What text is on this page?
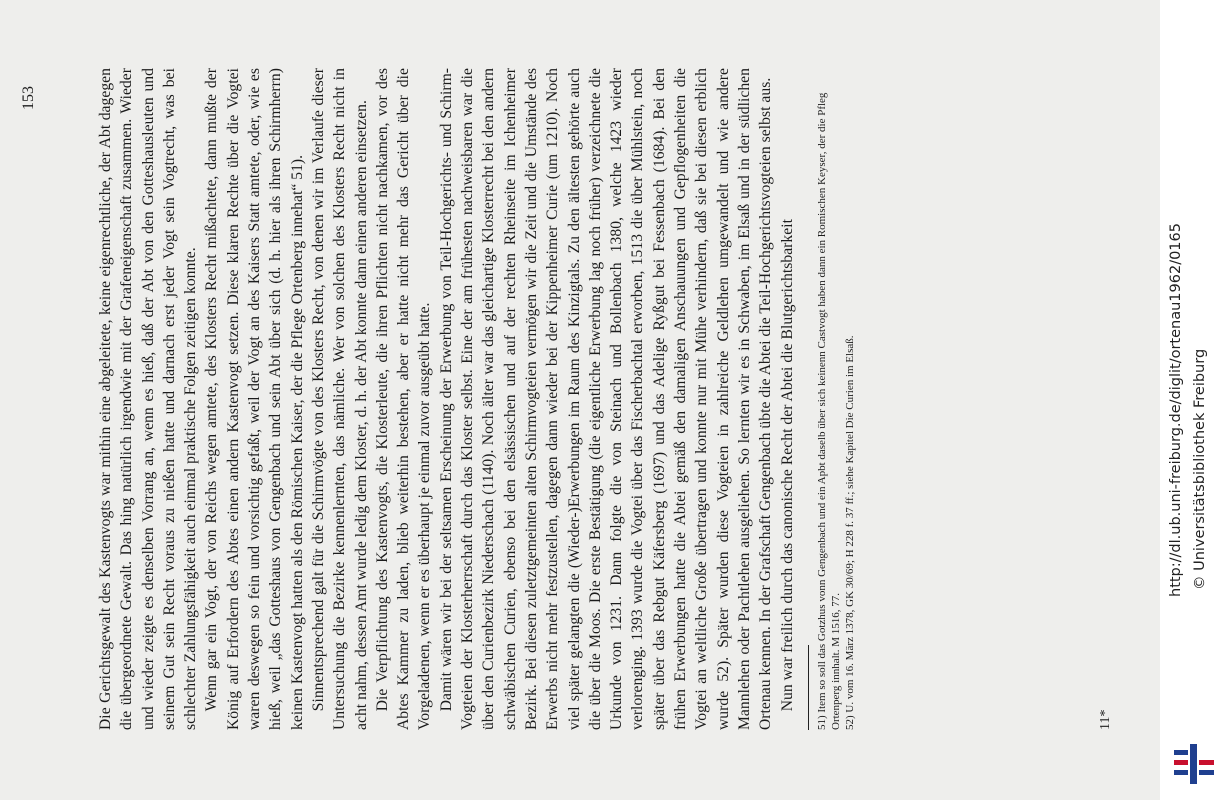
153	Die Gerichtsgewalt des Kastenvogts war mithin eine abgeleitete, keine eigenrechtliche, der Abt dagegen die übergeordnete Gewalt. Das hing natürlich irgendwie mit der Grafeneigenschaft zusammen. Wieder und wieder zeigte es denselben Vorrang an, wenn es hieß, daß der Abt von den Gotteshausleuten und seinem Gut sein Recht voraus zu nießen hatte und darnach erst jeder Vogt sein Vogtrecht, was bei schlechter Zahlungsfähigkeit auch einmal praktische Folgen zeitigen konnte. Wenn gar ein Vogt, der von Reichs wegen amtete, des Klosters Recht mißachtete, dann mußte der König auf Erfordern des Abtes einen andern Kastenvogt setzen. Diese klaren Rechte über die Vogtei waren deswegen so fein und vorsichtig gefaßt, weil der Vogt an des Kaisers Statt amtete, oder, wie es hieß, weil „das Gotteshaus von Gengenbach und sein Abt über sich (d. h. hier als ihren Schirmherrn) keinen Kastenvogt hatten als den Römischen Kaiser, der die Pflege Ortenberg innehat“ 51). Sinnentsprechend galt für die Schirmvögte von des Klosters Recht, von denen wir im Verlaufe dieser Untersuchung die Bezirke kennenlernten, das nämliche. Wer von solchen des Klosters Recht nicht in acht nahm, dessen Amt wurde ledig dem Kloster, d. h. der Abt konnte dann einen anderen einsetzen. Die Verpflichtung des Kastenvogts, die Klosterleute, die ihren Pflichten nicht nachkamen, vor des Abtes Kammer zu laden, blieb weiterhin bestehen, aber er hatte nicht mehr das Gericht über die Vorgeladenen, wenn er es überhaupt je einmal zuvor ausgeübt hatte. Damit wären wir bei der seltsamen Erscheinung der Erwerbung von Teil-Hochgerichts- und Schirm-Vogteien der Klosterherrschaft durch das Kloster selbst. Eine der am frühesten nachweisbaren war die über den Curienbezirk Niederschach (1140). Noch älter war das gleichartige Klosterrecht bei den andern schwäbischen Curien, ebenso bei den elsässischen und auf der rechten Rheinseite im Ichenheimer Bezirk. Bei diesen zuletztgemeinten alten Schirmvogteien vermögen wir die Zeit und die Umstände des Erwerbs nicht mehr festzustellen, dagegen dann wieder bei der Kippenheimer Curie (um 1210). Noch viel später gelangten die (Wieder-)Erwerbungen im Raum des Kinzigtals. Zu den ältesten gehörte auch die über die Moos. Die erste Bestätigung (die eigentliche Erwerbung lag noch früher) verzeichnete die Urkunde von 1231. Dann folgte die von Steinach und Bollenbach 1380, welche 1423 wieder verlorenging. 1393 wurde die Vogtei über das Fischerbachtal erworben, 1513 die über Mühlstein, noch später über das Rebgut Käfersberg (1697) und das Adelige Ryßgut bei Fessenbach (1684). Bei den frühen Erwerbungen hatte die Abtei gemäß den damaligen Anschauungen und Gepflogenheiten die Vogtei an weltliche Große übertragen und konnte nur mit Mühe verhindern, daß sie bei diesen erblich wurde 52). Später wurden diese Vogteien in zahlreiche Geldlehen umgewandelt und wie andere Mannlehen oder Pachtlehen ausgeliehen. So lernten wir es in Schwaben, im Elsaß und in der südlichen Ortenau kennen. In der Grafschaft Gengenbach übte die Abtei die Teil-Hochgerichtsvogteien selbst aus. Nun war freilich durch das canonische Recht der Abtei die Blutgerichtsbarkeit 51) Item so soll das Gotzhus vonn Gengenbach und ein Apbt daselb über sich keinenn Castvogt haben dann ein Romischen Keyser, der die Pfleg Ortenperg innhalt. M 1516, 77. 52) U. vom 16. März 1378, GK 30/69; H 228 f. 37 ff.; siehe Kapitel Die Curien im Elsaß.	11*
http://dl.ub.uni-freiburg.de/diglit/ortenau1962/0165 © Universitätsbibliothek Freiburg
